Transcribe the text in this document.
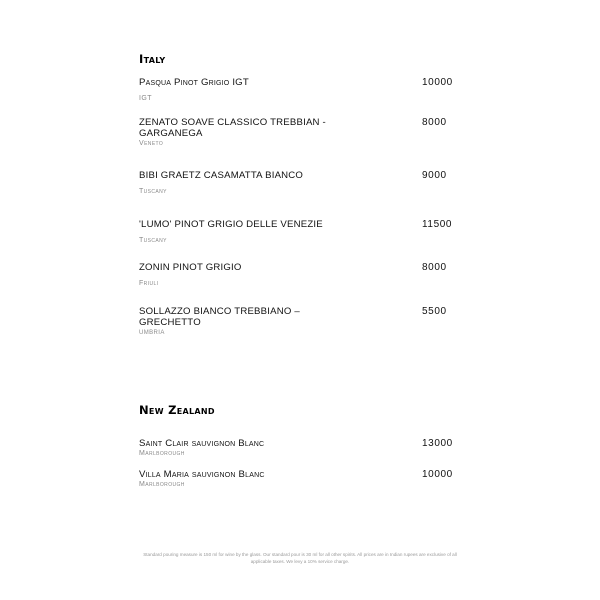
Italy
Pasqua Pinot Grigio IGT
IGT
10000
ZENATO SOAVE CLASSICO TREBBIAN - GARGANEGA
Veneto
8000
BIBI GRAETZ CASAMATTA BIANCO
Tuscany
9000
'LUMO' PINOT GRIGIO DELLE VENEZIE
Tuscany
11500
ZONIN PINOT GRIGIO
Friuli
8000
SOLLAZZO BIANCO TREBBIANO – GRECHETTO
UMBRIA
5500
New Zealand
Saint Clair sauvignon Blanc
Marlborough
13000
Villa Maria sauvignon Blanc
Marlborough
10000
Standard pouring measure is 150 ml for wine by the glass. Our standard pour is 30 ml for all other spirits. All prices are in Indian rupees are exclusive of all applicable taxes. We levy a 10% service charge.
